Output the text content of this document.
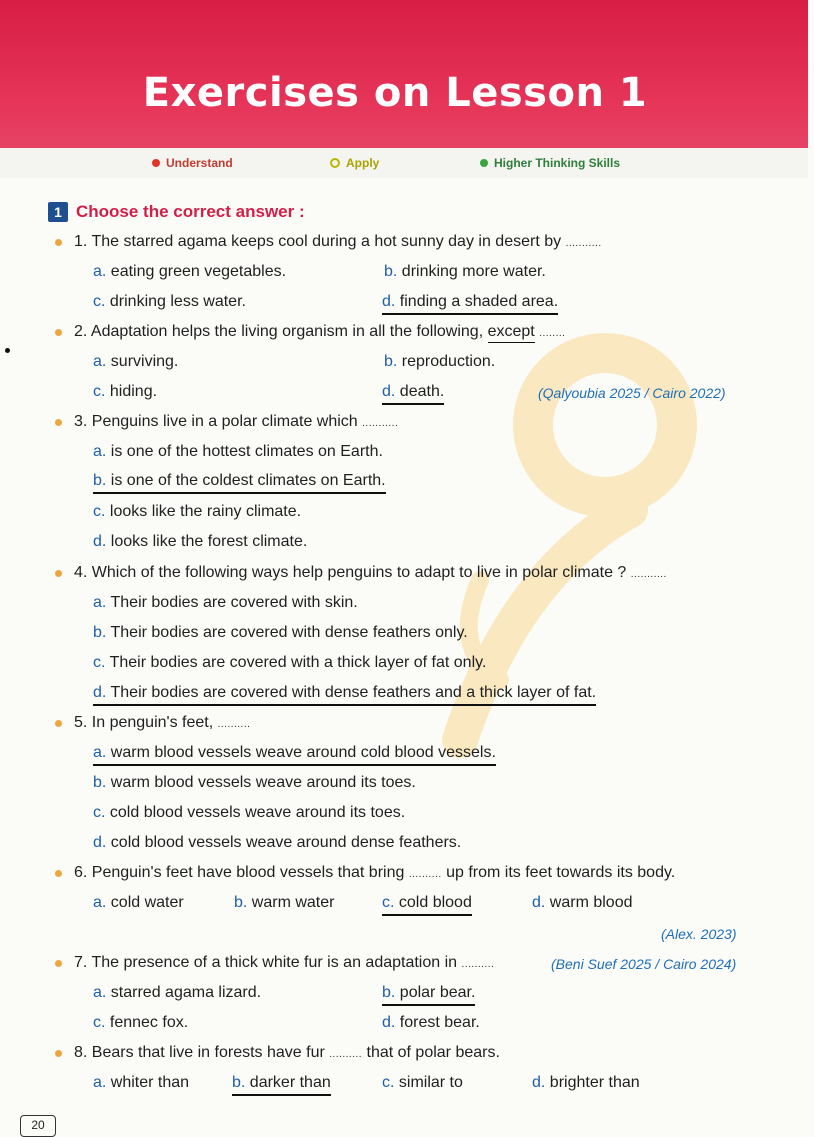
Exercises on Lesson 1
Understand	Apply	Higher Thinking Skills
1 Choose the correct answer :
1. The starred agama keeps cool during a hot sunny day in desert by ...........
a. eating green vegetables.	b. drinking more water.
c. drinking less water.	d. finding a shaded area.
2. Adaptation helps the living organism in all the following, except ........
a. surviving.	b. reproduction.
c. hiding.	d. death.	(Qalyoubia 2025 / Cairo 2022)
3. Penguins live in a polar climate which ...........
a. is one of the hottest climates on Earth.
b. is one of the coldest climates on Earth.
c. looks like the rainy climate.
d. looks like the forest climate.
4. Which of the following ways help penguins to adapt to live in polar climate ? ...........
a. Their bodies are covered with skin.
b. Their bodies are covered with dense feathers only.
c. Their bodies are covered with a thick layer of fat only.
d. Their bodies are covered with dense feathers and a thick layer of fat.
5. In penguin's feet, ..........
a. warm blood vessels weave around cold blood vessels.
b. warm blood vessels weave around its toes.
c. cold blood vessels weave around its toes.
d. cold blood vessels weave around dense feathers.
6. Penguin's feet have blood vessels that bring .......... up from its feet towards its body.
a. cold water	b. warm water	c. cold blood	d. warm blood
(Alex. 2023)
7. The presence of a thick white fur is an adaptation in ..........	(Beni Suef 2025 / Cairo 2024)
a. starred agama lizard.	b. polar bear.
c. fennec fox.	d. forest bear.
8. Bears that live in forests have fur .......... that of polar bears.
a. whiter than	b. darker than	c. similar to	d. brighter than
20
